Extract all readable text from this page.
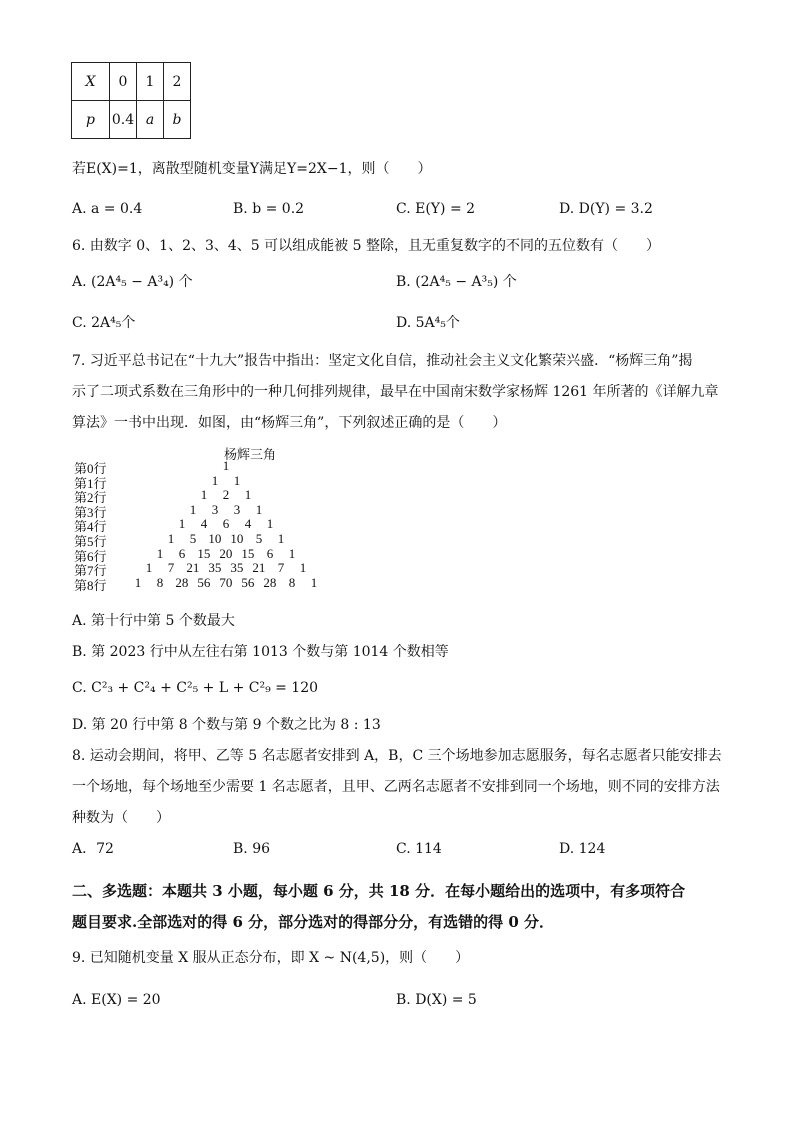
X	0	1	2
p	0.4	a	b
若E(X)=1，离散型随机变量Y满足Y=2X−1，则（　　）
A. a = 0.4	B. b = 0.2	C. E(Y) = 2	D. D(Y) = 3.2
6. 由数字 0、1、2、3、4、5 可以组成能被 5 整除，且无重复数字的不同的五位数有（　　）
A. (2A⁴₅ − A³₄) 个	B. (2A⁴₅ − A³₅) 个
C. 2A⁴₅个	D. 5A⁴₅个
7. 习近平总书记在“十九大”报告中指出：坚定文化自信，推动社会主义文化繁荣兴盛．“杨辉三角”揭
示了二项式系数在三角形中的一种几何排列规律，最早在中国南宋数学家杨辉 1261 年所著的《详解九章
算法》一书中出现．如图，由“杨辉三角”，下列叙述正确的是（　　）
杨辉三角
第0行	1
第1行	1 1
第2行	1 2 1
第3行	1 3 3 1
第4行	1 4 6 4 1
第5行	1 5 10 10 5 1
第6行	1 6 15 20 15 6 1
第7行	1 7 21 35 35 21 7 1
第8行 1 8 28 56 70 56 28 8 1
A. 第十行中第 5 个数最大
B. 第 2023 行中从左往右第 1013 个数与第 1014 个数相等
C. C²₃ + C²₄ + C²₅ + L + C²₉ = 120
D. 第 20 行中第 8 个数与第 9 个数之比为 8 : 13
8. 运动会期间，将甲、乙等 5 名志愿者安排到 A，B，C 三个场地参加志愿服务，每名志愿者只能安排去
一个场地，每个场地至少需要 1 名志愿者，且甲、乙两名志愿者不安排到同一个场地，则不同的安排方法
种数为（　　）
A．72	B. 96	C. 114	D. 124
二、多选题：本题共 3 小题，每小题 6 分，共 18 分．在每小题给出的选项中，有多项符合
题目要求.全部选对的得 6 分，部分选对的得部分分，有选错的得 0 分．
9. 已知随机变量 X 服从正态分布，即 X ~ N(4,5)，则（　　）
A. E(X) = 20	B. D(X) = 5
